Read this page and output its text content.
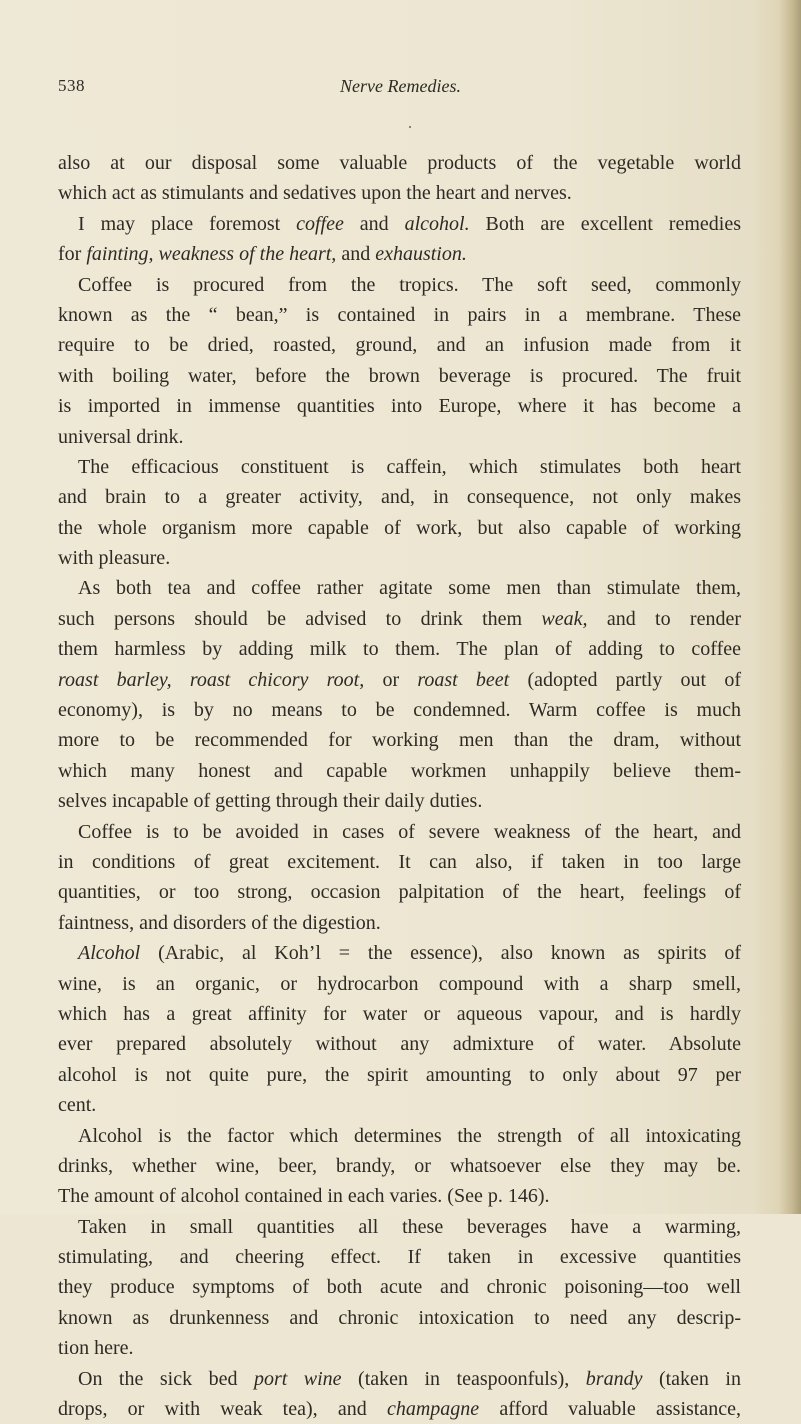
538	Nerve Remedies.
also at our disposal some valuable products of the vegetable world
which act as stimulants and sedatives upon the heart and nerves.
I may place foremost coffee and alcohol. Both are excellent remedies
for fainting, weakness of the heart, and exhaustion.
Coffee is procured from the tropics. The soft seed, commonly
known as the “ bean,” is contained in pairs in a membrane. These
require to be dried, roasted, ground, and an infusion made from it
with boiling water, before the brown beverage is procured. The fruit
is imported in immense quantities into Europe, where it has become a
universal drink.
The efficacious constituent is caffein, which stimulates both heart
and brain to a greater activity, and, in consequence, not only makes
the whole organism more capable of work, but also capable of working
with pleasure.
As both tea and coffee rather agitate some men than stimulate them,
such persons should be advised to drink them weak, and to render
them harmless by adding milk to them. The plan of adding to coffee
roast barley, roast chicory root, or roast beet (adopted partly out of
economy), is by no means to be condemned. Warm coffee is much
more to be recommended for working men than the dram, without
which many honest and capable workmen unhappily believe them-
selves incapable of getting through their daily duties.
Coffee is to be avoided in cases of severe weakness of the heart, and
in conditions of great excitement. It can also, if taken in too large
quantities, or too strong, occasion palpitation of the heart, feelings of
faintness, and disorders of the digestion.
Alcohol (Arabic, al Koh’l = the essence), also known as spirits of
wine, is an organic, or hydrocarbon compound with a sharp smell,
which has a great affinity for water or aqueous vapour, and is hardly
ever prepared absolutely without any admixture of water. Absolute
alcohol is not quite pure, the spirit amounting to only about 97 per
cent.
Alcohol is the factor which determines the strength of all intoxicating
drinks, whether wine, beer, brandy, or whatsoever else they may be.
The amount of alcohol contained in each varies. (See p. 146).
Taken in small quantities all these beverages have a warming,
stimulating, and cheering effect. If taken in excessive quantities
they produce symptoms of both acute and chronic poisoning—too well
known as drunkenness and chronic intoxication to need any descrip-
tion here.
On the sick bed port wine (taken in teaspoonfuls), brandy (taken in
drops, or with weak tea), and champagne afford valuable assistance,
